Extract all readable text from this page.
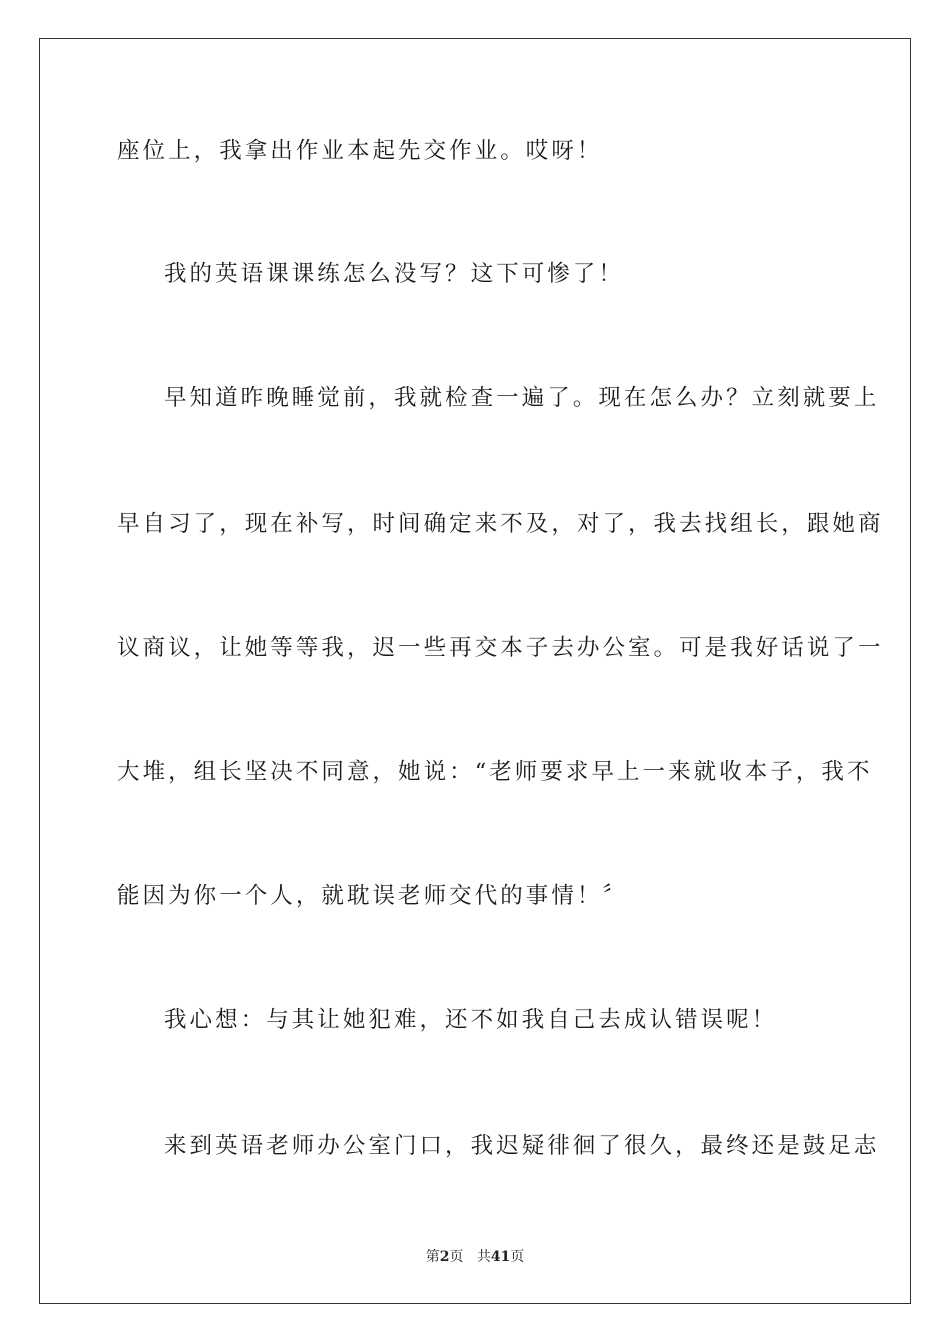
座位上，我拿出作业本起先交作业。哎呀！
我的英语课课练怎么没写？这下可惨了！
早知道昨晚睡觉前，我就检查一遍了。现在怎么办？立刻就要上
早自习了，现在补写，时间确定来不及，对了，我去找组长，跟她商
议商议，让她等等我，迟一些再交本子去办公室。可是我好话说了一
大堆，组长坚决不同意，她说：“老师要求早上一来就收本子，我不
能因为你一个人，就耽误老师交代的事情！〞
我心想：与其让她犯难，还不如我自己去成认错误呢！
来到英语老师办公室门口，我迟疑徘徊了很久，最终还是鼓足志
第2页 共41页
